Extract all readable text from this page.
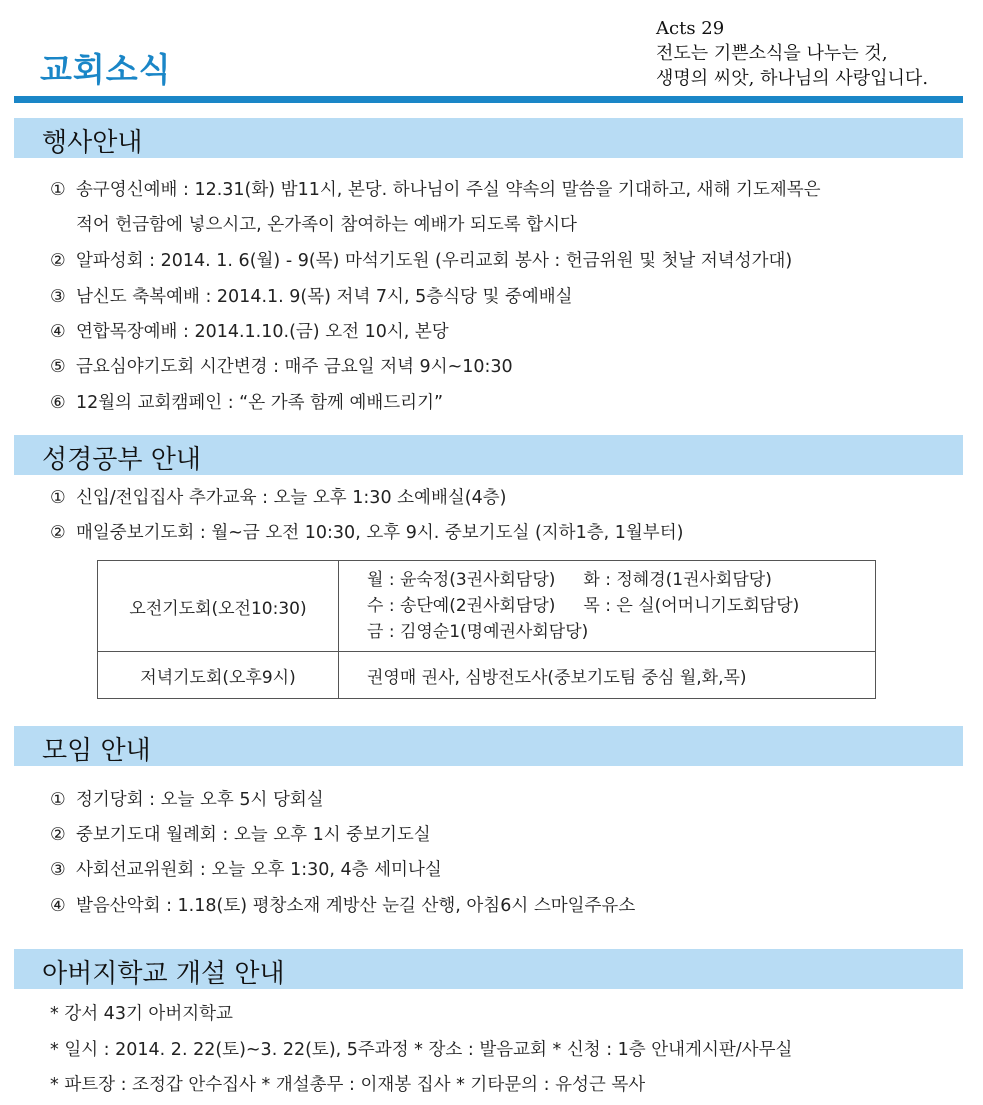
교회소식
Acts 29
전도는 기쁜소식을 나누는 것,
생명의 씨앗, 하나님의 사랑입니다.
행사안내
① 송구영신예배 : 12.31(화) 밤11시, 본당. 하나님이 주실 약속의 말씀을 기대하고, 새해 기도제목은
적어 헌금함에 넣으시고, 온가족이 참여하는 예배가 되도록 합시다
② 알파성회 : 2014. 1. 6(월) - 9(목) 마석기도원 (우리교회 봉사 : 헌금위원 및 첫날 저녁성가대)
③ 남신도 축복예배 : 2014.1. 9(목) 저녁 7시, 5층식당 및 중예배실
④ 연합목장예배 : 2014.1.10.(금) 오전 10시, 본당
⑤ 금요심야기도회 시간변경 : 매주 금요일 저녁 9시~10:30
⑥ 12월의 교회캠페인 : “온 가족 함께 예배드리기”
성경공부 안내
① 신입/전입집사 추가교육 : 오늘 오후 1:30 소예배실(4층)
② 매일중보기도회 : 월~금 오전 10:30, 오후 9시. 중보기도실 (지하1층, 1월부터)
오전기도회(오전10:30)	월 : 윤숙정(3권사회담당) 화 : 정혜경(1권사회담당)
수 : 송단예(2권사회담당) 목 : 은 실(어머니기도회담당)
금 : 김영순1(명예권사회담당)

저녁기도회(오후9시)	권영매 권사, 심방전도사(중보기도팀 중심 월,화,목)
모임 안내
① 정기당회 : 오늘 오후 5시 당회실
② 중보기도대 월례회 : 오늘 오후 1시 중보기도실
③ 사회선교위원회 : 오늘 오후 1:30, 4층 세미나실
④ 발음산악회 : 1.18(토) 평창소재 계방산 눈길 산행, 아침6시 스마일주유소
아버지학교 개설 안내
* 강서 43기 아버지학교
* 일시 : 2014. 2. 22(토)~3. 22(토), 5주과정 * 장소 : 발음교회 * 신청 : 1층 안내게시판/사무실
* 파트장 : 조정갑 안수집사 * 개설총무 : 이재봉 집사 * 기타문의 : 유성근 목사
